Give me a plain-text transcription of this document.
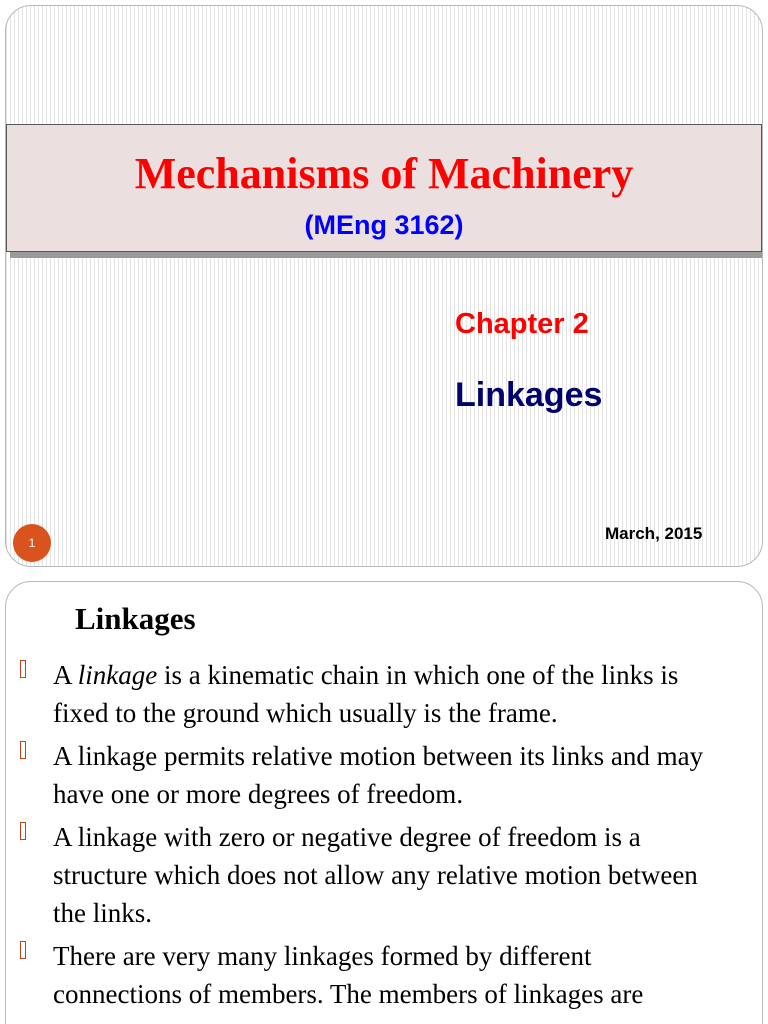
Mechanisms of Machinery
(MEng 3162)
Chapter 2
Linkages
March, 2015
1
Linkages
A linkage is a kinematic chain in which one of the links is fixed to the ground which usually is the frame.
A linkage permits relative motion between its links and may have one or more degrees of freedom.
A linkage with zero or negative degree of freedom is a structure which does not allow any relative motion between the links.
There are very many linkages formed by different connections of members. The members of linkages are
